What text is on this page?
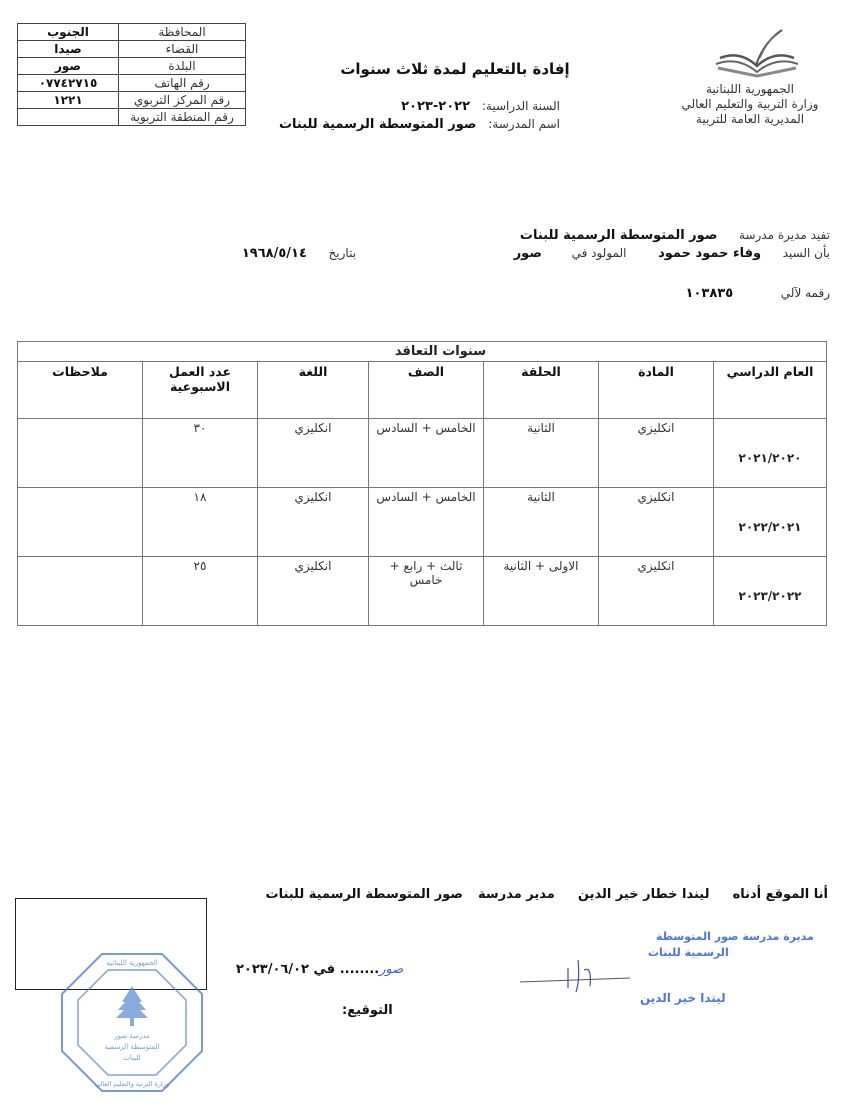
المحافظة	الجنوب
القضاء	صيدا
البلدة	صور
رقم الهاتف	٠٧٧٤٢٧١٥
رقم المركز التربوي	١٢٢١
رقم المنطقة التربوية	
إفادة بالتعليم لمدة ثلاث سنوات
السنة الدراسية: ٢٠٢٢-٢٠٢٣
اسم المدرسة: صور المتوسطة الرسمية للبنات
الجمهورية اللبنانية
وزارة التربية والتعليم العالي
المديرية العامة للتربية
تفيد مديرة مدرسة  صور المتوسطة الرسمية للبنات
بأن السيد  وفاء حمود حمود  المولود في  صور  بتاريخ  ١٩٦٨/٥/١٤
رقمه لآلي  ١٠٣٨٣٥
سنوات التعاقد						
العام الدراسي	المادة	الحلقة	الصف	اللغة	عدد العمل الاسبوعية	ملاحظات
٢٠٢١/٢٠٢٠	انكليزي	الثانية	الخامس + السادس	انكليزي	٣٠	
٢٠٢٢/٢٠٢١	انكليزي	الثانية	الخامس + السادس	انكليزي	١٨	
٢٠٢٣/٢٠٢٢	انكليزي	الاولى + الثانية	ثالث + رابع + خامس	انكليزي	٢٥	
أنا الموقع أدناه  ليندا خطار خير الدين  مدير مدرسة  صور المتوسطة الرسمية للبنات
مدرسة صور
المتوسطة الرسمية
للبنات
الجمهورية اللبنانية
وزارة التربية والتعليم العالي
مديرة مدرسة صور المتوسطة
الرسمية للبنات
ليندا خير الدين
ﺻﻮﺭ........ في ٢٠٢٣/٠٦/٠٢
التوقيع:
